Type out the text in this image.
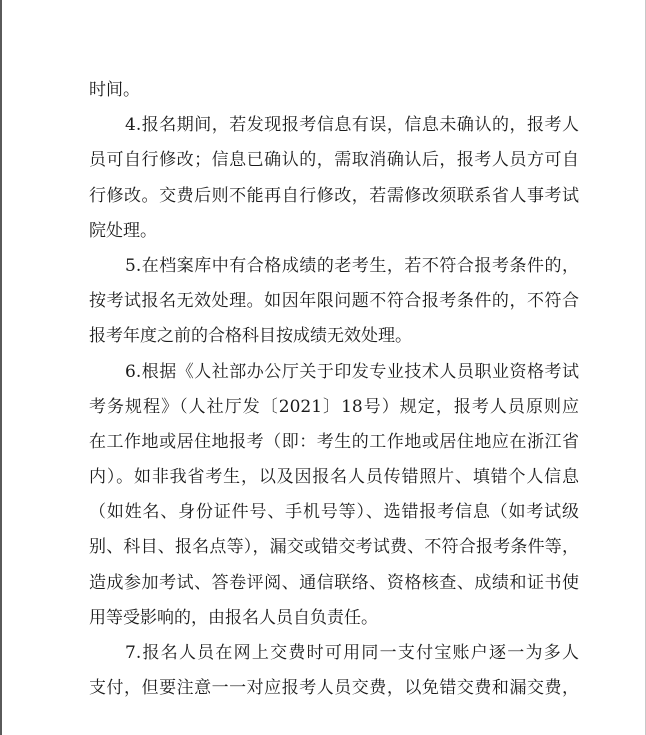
时间。
4.报名期间，若发现报考信息有误，信息未确认的，报考人
员可自行修改；信息已确认的，需取消确认后，报考人员方可自
行修改。交费后则不能再自行修改，若需修改须联系省人事考试
院处理。
5.在档案库中有合格成绩的老考生，若不符合报考条件的，
按考试报名无效处理。如因年限问题不符合报考条件的，不符合
报考年度之前的合格科目按成绩无效处理。
6.根据《人社部办公厅关于印发专业技术人员职业资格考试
考务规程》（人社厅发〔2021〕18号）规定，报考人员原则应
在工作地或居住地报考（即：考生的工作地或居住地应在浙江省
内）。如非我省考生，以及因报名人员传错照片、填错个人信息
（如姓名、身份证件号、手机号等）、选错报考信息（如考试级
别、科目、报名点等），漏交或错交考试费、不符合报考条件等，
造成参加考试、答卷评阅、通信联络、资格核查、成绩和证书使
用等受影响的，由报名人员自负责任。
7.报名人员在网上交费时可用同一支付宝账户逐一为多人
支付，但要注意一一对应报考人员交费，以免错交费和漏交费，
